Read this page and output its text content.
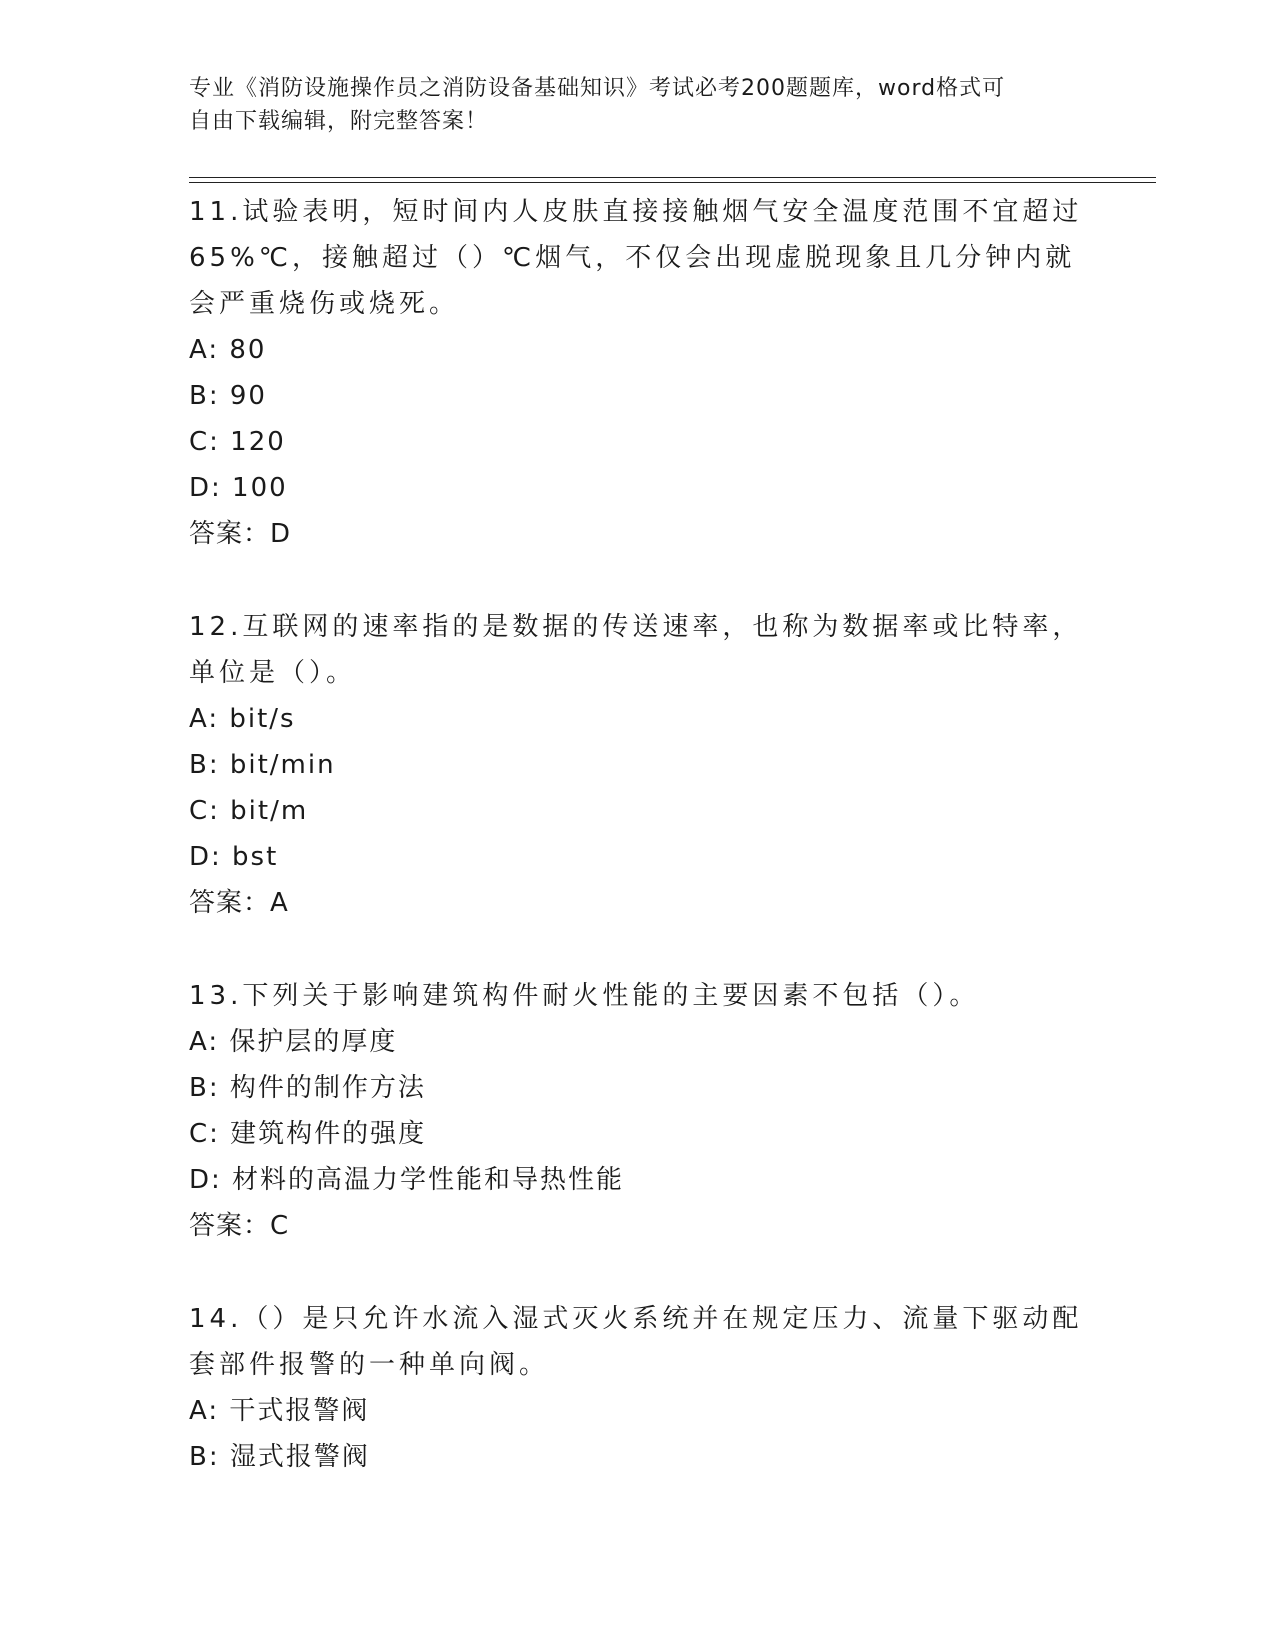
专业《消防设施操作员之消防设备基础知识》考试必考200题题库，word格式可
自由下载编辑，附完整答案！

11.试验表明，短时间内人皮肤直接接触烟气安全温度范围不宜超过65%℃，接触超过（）℃烟气，不仅会出现虚脱现象且几分钟内就会严重烧伤或烧死。

A: 80

B: 90

C: 120

D: 100

答案：D

12.互联网的速率指的是数据的传送速率，也称为数据率或比特率，单位是（）。

A: bit/s

B: bit/min

C: bit/m

D: bst

答案：A

13.下列关于影响建筑构件耐火性能的主要因素不包括（）。

A: 保护层的厚度

B: 构件的制作方法

C: 建筑构件的强度

D: 材料的高温力学性能和导热性能

答案：C

14.（）是只允许水流入湿式灭火系统并在规定压力、流量下驱动配套部件报警的一种单向阀。

A: 干式报警阀

B: 湿式报警阀
